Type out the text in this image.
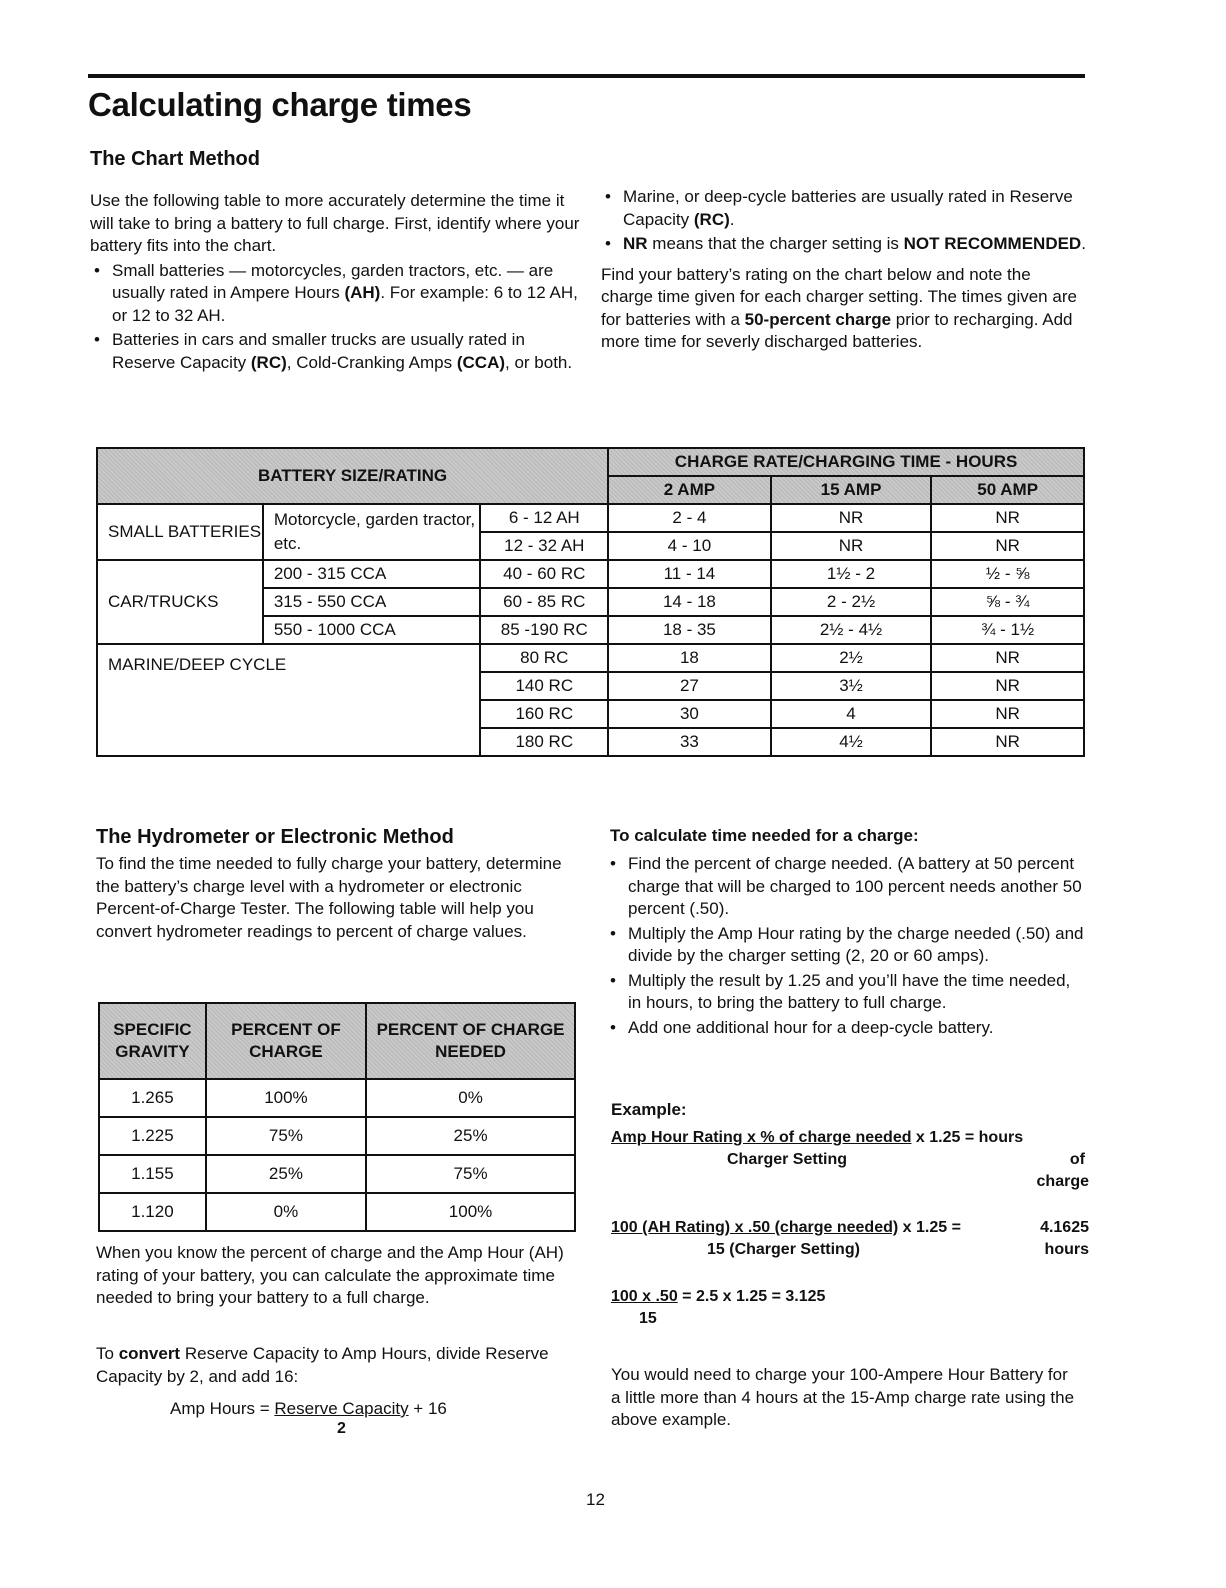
Calculating charge times
The Chart Method

Use the following table to more accurately determine the time it will take to bring a battery to full charge. First, identify where your battery fits into the chart.

• Small batteries — motorcycles, garden tractors, etc. — are usually rated in Ampere Hours (AH). For example: 6 to 12 AH, or 12 to 32 AH.
• Batteries in cars and smaller trucks are usually rated in Reserve Capacity (RC), Cold-Cranking Amps (CCA), or both.
• Marine, or deep-cycle batteries are usually rated in Reserve Capacity (RC).
• NR means that the charger setting is NOT RECOMMENDED.

Find your battery’s rating on the chart below and note the charge time given for each charger setting. The times given are for batteries with a 50-percent charge prior to recharging. Add more time for severly discharged batteries.

BATTERY SIZE/RATING			CHARGE RATE/CHARGING TIME - HOURS		
			2 AMP	15 AMP	50 AMP
SMALL BATTERIES	Motorcycle, garden tractor, etc.	6 - 12 AH	2 - 4	NR	NR
		12 - 32 AH	4 - 10	NR	NR
CAR/TRUCKS	200 - 315 CCA	40 - 60 RC	11 - 14	1½ - 2	½ - ⅝
	315 - 550 CCA	60 - 85 RC	14 - 18	2 - 2½	⅝ - ¾
	550 - 1000 CCA	85 -190 RC	18 - 35	2½ - 4½	¾ - 1½
MARINE/DEEP CYCLE		80 RC	18	2½	NR
		140 RC	27	3½	NR
		160 RC	30	4	NR
		180 RC	33	4½	NR
The Hydrometer or Electronic Method

To find the time needed to fully charge your battery, determine the battery’s charge level with a hydrometer or electronic Percent-of-Charge Tester. The following table will help you convert hydrometer readings to percent of charge values.

SPECIFIC GRAVITY	PERCENT OF CHARGE	PERCENT OF CHARGE NEEDED
1.265	100%	0%
1.225	75%	25%
1.155	25%	75%
1.120	0%	100%

When you know the percent of charge and the Amp Hour (AH) rating of your battery, you can calculate the approximate time needed to bring your battery to a full charge.

To convert Reserve Capacity to Amp Hours, divide Reserve Capacity by 2, and add 16:

Amp Hours = Reserve Capacity + 16
2
To calculate time needed for a charge:
• Find the percent of charge needed. (A battery at 50 percent charge that will be charged to 100 percent needs another 50 percent (.50).
• Multiply the Amp Hour rating by the charge needed (.50) and divide by the charger setting (2, 20 or 60 amps).
• Multiply the result by 1.25 and you’ll have the time needed, in hours, to bring the battery to full charge.
• Add one additional hour for a deep-cycle battery.
Example:
Amp Hour Rating x % of charge needed x 1.25 = hours
Charger Setting	of
charge
100 (AH Rating) x .50 (charge needed) x 1.25 =	4.1625
15 (Charger Setting)	hours
100 x .50 = 2.5 x 1.25 = 3.125
15

You would need to charge your 100-Ampere Hour Battery for a little more than 4 hours at the 15-Amp charge rate using the above example.

12
